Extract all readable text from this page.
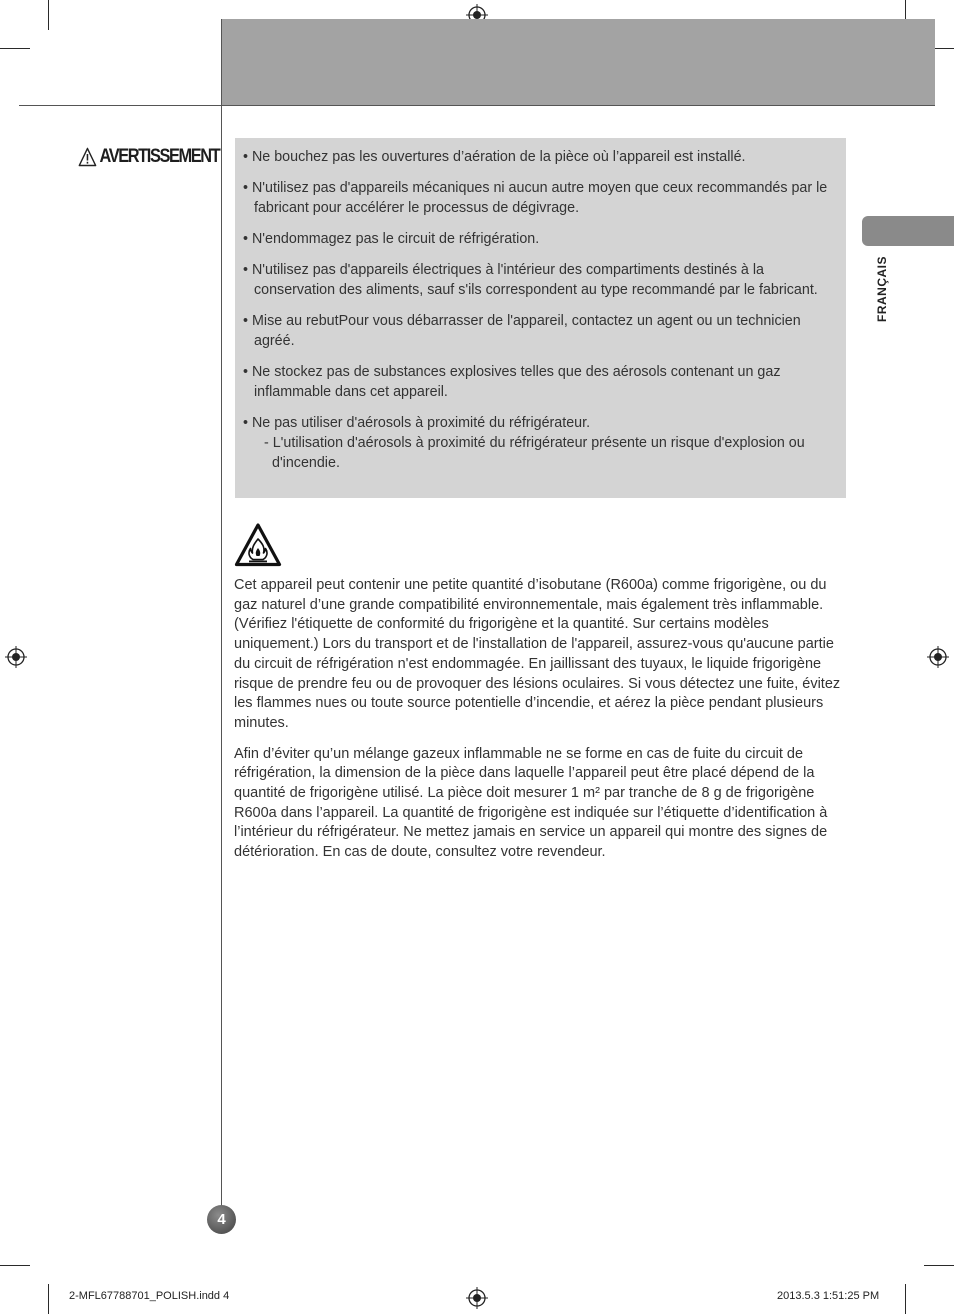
FRANÇAIS
AVERTISSEMENT • Ne bouchez pas les ouvertures d’aération de la pièce où l’appareil est installé.
• N'utilisez pas d'appareils mécaniques ni aucun autre moyen que ceux recommandés par le fabricant pour accélérer le processus de dégivrage.
• N'endommagez pas le circuit de réfrigération.
• N'utilisez pas d'appareils électriques à l'intérieur des compartiments destinés à la conservation des aliments, sauf s'ils correspondent au type recommandé par le fabricant.
• Mise au rebutPour vous débarrasser de l'appareil, contactez un agent ou un technicien agréé.
• Ne stockez pas de substances explosives telles que des aérosols contenant un gaz inflammable dans cet appareil.
• Ne pas utiliser d'aérosols à proximité du réfrigérateur.
- L'utilisation d'aérosols à proximité du réfrigérateur présente un risque d'explosion ou d'incendie.

Cet appareil peut contenir une petite quantité d’isobutane (R600a) comme frigorigène, ou du gaz naturel d’une grande compatibilité environnementale, mais également très inflammable.(Vérifiez l'étiquette de conformité du frigorigène et la quantité. Sur certains modèles uniquement.) Lors du transport et de l'installation de l'appareil, assurez-vous qu'aucune partie du circuit de réfrigération n'est endommagée. En jaillissant des tuyaux, le liquide frigorigène risque de prendre feu ou de provoquer des lésions oculaires. Si vous détectez une fuite, évitez les flammes nues ou toute source potentielle d’incendie, et aérez la pièce pendant plusieurs minutes.

Afin d’éviter qu’un mélange gazeux inflammable ne se forme en cas de fuite du circuit de réfrigération, la dimension de la pièce dans laquelle l’appareil peut être placé dépend de la quantité de frigorigène utilisé. La pièce doit mesurer 1 m² par tranche de 8 g de frigorigène R600a dans l’appareil. La quantité de frigorigène est indiquée sur l’étiquette d’identification à l’intérieur du réfrigérateur. Ne mettez jamais en service un appareil qui montre des signes de détérioration. En cas de doute, consultez votre revendeur.

4
2-MFL67788701_POLISH.indd 4	2013.5.3 1:51:25 PM
